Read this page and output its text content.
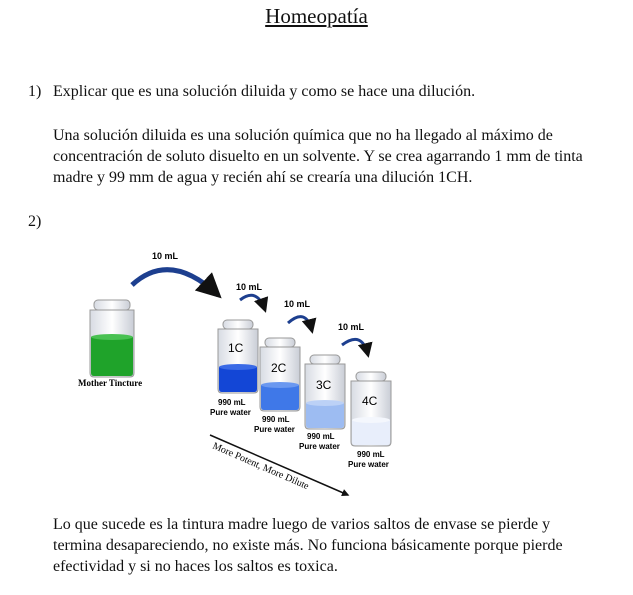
Homeopatía
1) Explicar que es una solución diluida y como se hace una dilución.
Una solución diluida es una solución química que no ha llegado al máximo de
concentración de soluto disuelto en un solvente. Y se crea agarrando 1 mm de tinta
madre y 99 mm de agua y recién ahí se crearía una dilución 1CH.
2)
10 mL
10 mL
10 mL
10 mL
Mother Tincture
1C
990 mL
Pure water
2C
990 mL
Pure water
3C
990 mL
Pure water
4C
990 mL
Pure water
More Potent, More Dilute
Lo que sucede es la tintura madre luego de varios saltos de envase se pierde y
termina desapareciendo, no existe más. No funciona básicamente porque pierde
efectividad y si no haces los saltos es toxica.
